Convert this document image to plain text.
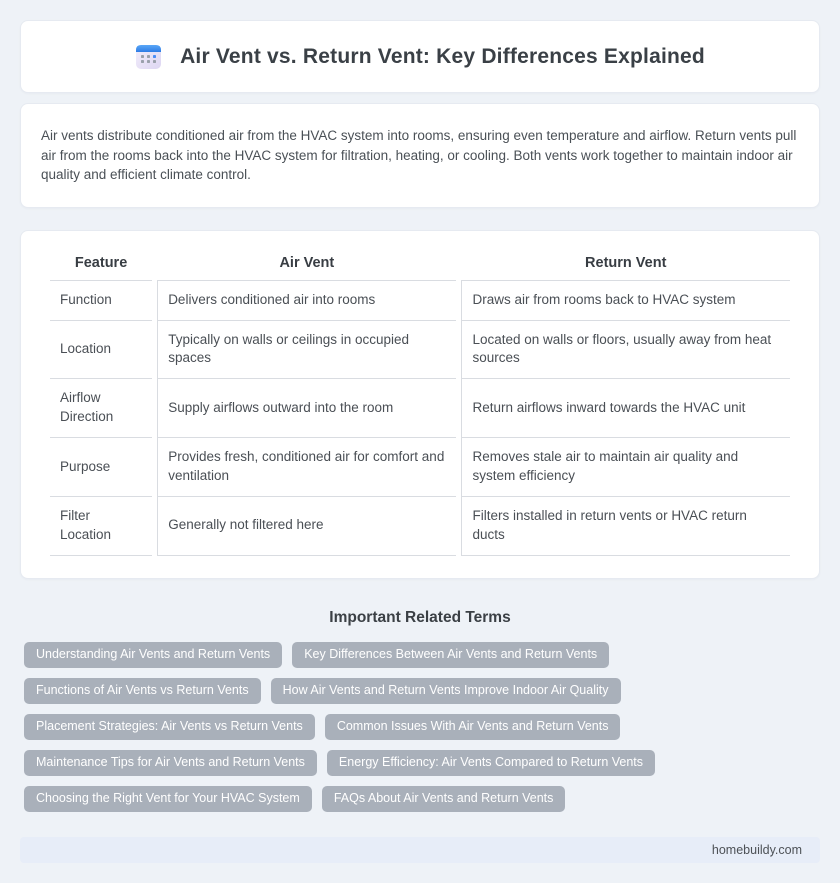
Air Vent vs. Return Vent: Key Differences Explained

Air vents distribute conditioned air from the HVAC system into rooms, ensuring even temperature and airflow. Return vents pull air from the rooms back into the HVAC system for filtration, heating, or cooling. Both vents work together to maintain indoor air quality and efficient climate control.

Feature	Air Vent	Return Vent
Function	Delivers conditioned air into rooms	Draws air from rooms back to HVAC system
Location	Typically on walls or ceilings in occupied spaces	Located on walls or floors, usually away from heat sources
Airflow Direction	Supply airflows outward into the room	Return airflows inward towards the HVAC unit
Purpose	Provides fresh, conditioned air for comfort and ventilation	Removes stale air to maintain air quality and system efficiency
Filter Location	Generally not filtered here	Filters installed in return vents or HVAC return ducts
Important Related Terms
Understanding Air Vents and Return Vents	Key Differences Between Air Vents and Return Vents
Functions of Air Vents vs Return Vents	How Air Vents and Return Vents Improve Indoor Air Quality
Placement Strategies: Air Vents vs Return Vents	Common Issues With Air Vents and Return Vents
Maintenance Tips for Air Vents and Return Vents	Energy Efficiency: Air Vents Compared to Return Vents
Choosing the Right Vent for Your HVAC System	FAQs About Air Vents and Return Vents
homebuildy.com
